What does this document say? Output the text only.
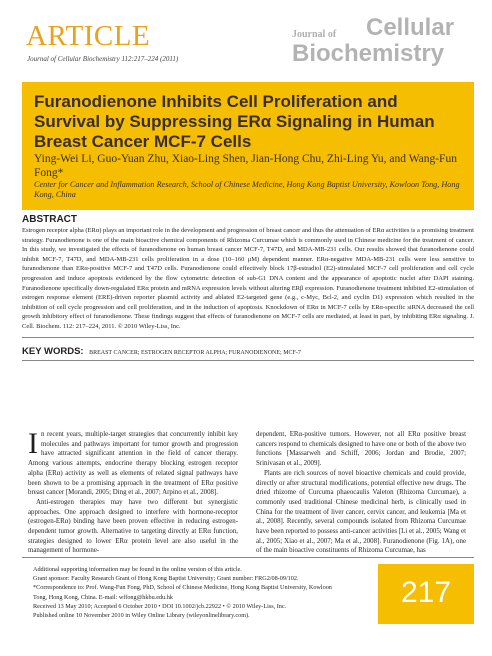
ARTICLE
Journal of Cellular Biochemistry 112:217–224 (2011)
Journal of Cellular
Biochemistry
Furanodienone Inhibits Cell Proliferation and Survival by Suppressing ERα Signaling in Human Breast Cancer MCF-7 Cells
Ying-Wei Li, Guo-Yuan Zhu, Xiao-Ling Shen, Jian-Hong Chu, Zhi-Ling Yu, and Wang-Fun Fong*
Center for Cancer and Inflammation Research, School of Chinese Medicine, Hong Kong Baptist University, Kowloon Tong, Hong Kong, China
ABSTRACT
Estrogen receptor alpha (ERα) plays an important role in the development and progression of breast cancer and thus the attenuation of ERα activities is a promising treatment strategy. Furanodienone is one of the main bioactive chemical components of Rhizoma Curcumae which is commonly used in Chinese medicine for the treatment of cancer. In this study, we investigated the effects of furanodienone on human breast cancer MCF-7, T47D, and MDA-MB-231 cells. Our results showed that furanodienone could inhibit MCF-7, T47D, and MDA-MB-231 cells proliferation in a dose (10–160 μM) dependent manner. ERα-negative MDA-MB-231 cells were less sensitive to furanodienone than ERα-positive MCF-7 and T47D cells. Furanodienone could effectively block 17β-estradiol (E2)-stimulated MCF-7 cell proliferation and cell cycle progression and induce apoptosis evidenced by the flow cytometric detection of sub-G1 DNA content and the appearance of apoptotic nuclei after DAPI staining. Furanodienone specifically down-regulated ERα protein and mRNA expression levels without altering ERβ expression. Furanodienone treatment inhibited E2-stimulation of estrogen response element (ERE)-driven reporter plasmid activity and ablated E2-targeted gene (e.g., c-Myc, Bcl-2, and cyclin D1) expression which resulted in the inhibition of cell cycle progression and cell proliferation, and in the induction of apoptosis. Knockdown of ERα in MCF-7 cells by ERα-specific siRNA decreased the cell growth inhibitory effect of furanodienone. These findings suggest that effects of furanodienone on MCF-7 cells are mediated, at least in part, by inhibiting ERα signaling. J. Cell. Biochem. 112: 217–224, 2011. © 2010 Wiley-Liss, Inc.
KEY WORDS: BREAST CANCER; ESTROGEN RECEPTOR ALPHA; FURANODIENONE; MCF-7

In recent years, multiple-target strategies that concurrently inhibit key molecules and pathways important for tumor growth and progression have attracted significant attention in the field of cancer therapy. Among various attempts, endocrine therapy blocking estrogen receptor alpha (ERα) activity as well as elements of related signal pathways have been shown to be a promising approach in the treatment of ERα positive breast cancer [Morandi, 2005; Ding et al., 2007; Arpino et al., 2008].

Anti-estrogen therapies may have two different but synergistic approaches. One approach designed to interfere with hormone-receptor (estrogen-ERα) binding have been proven effective in reducing estrogen-dependent tumor growth. Alternative to targeting directly at ERα function, strategies designed to lower ERα protein level are also useful in the management of hormone-

dependent, ERα-positive tumors. However, not all ERα positive breast cancers respond to chemicals designed to have one or both of the above two functions [Massarweh and Schiff, 2006; Jordan and Brodie, 2007; Srinivasan et al., 2009].

Plants are rich sources of novel bioactive chemicals and could provide, directly or after structural modifications, potential effective new drugs. The dried rhizome of Curcuma phaeocaulis Valeton (Rhizoma Curcumae), a commonly used traditional Chinese medicinal herb, is clinically used in China for the treatment of liver cancer, cervix cancer, and leukemia [Ma et al., 2008]. Recently, several compounds isolated from Rhizoma Curcumae have been reported to possess anti-cancer activities [Li et al., 2005; Wang et al., 2005; Xiao et al., 2007; Ma et al., 2008]. Furanodienone (Fig. 1A), one of the main bioactive constituents of Rhizoma Curcumae, has

Additional supporting information may be found in the online version of this article.
Grant sponsor: Faculty Research Grant of Hong Kong Baptist University; Grant number: FRG2/08-09/102.
*Correspondence to: Prof. Wang-Fun Fong, PhD, School of Chinese Medicine, Hong Kong Baptist University, Kowloon
Tong, Hong Kong, China. E-mail: wffong@hkbu.edu.hk
Received 13 May 2010; Accepted 6 October 2010 • DOI 10.1002/jcb.22922 • © 2010 Wiley-Liss, Inc.
Published online 10 November 2010 in Wiley Online Library (wileyonlinelibrary.com).
217
